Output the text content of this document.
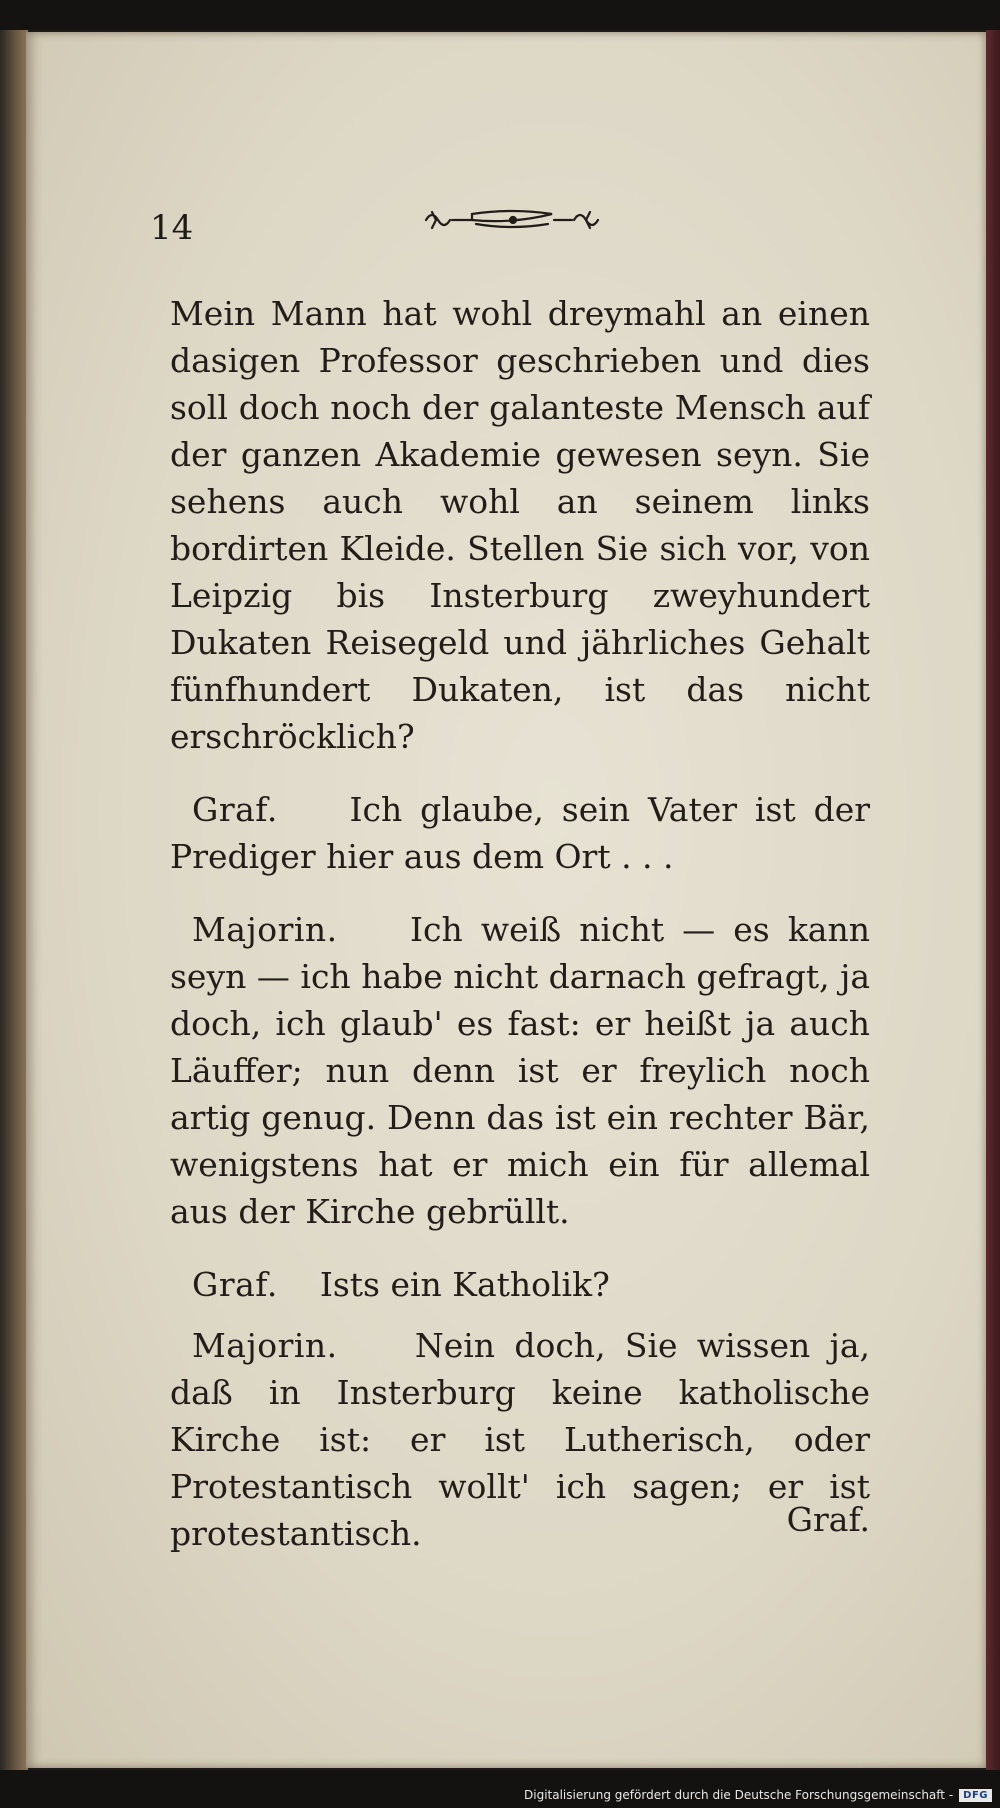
14

Mein Mann hat wohl dreymahl an einen dasigen Professor geschrieben und dies soll doch noch der galanteste Mensch auf der ganzen Akademie gewesen seyn. Sie sehens auch wohl an seinem links bordirten Kleide. Stellen Sie sich vor, von Leipzig bis Insterburg zweyhundert Dukaten Reisegeld und jährliches Gehalt fünfhundert Dukaten, ist das nicht erschröcklich?

Graf. Ich glaube, sein Vater ist der Prediger hier aus dem Ort . . .

Majorin. Ich weiß nicht — es kann seyn — ich habe nicht darnach gefragt, ja doch, ich glaub' es fast: er heißt ja auch Läuffer; nun denn ist er freylich noch artig genug. Denn das ist ein rechter Bär, wenigstens hat er mich ein für allemal aus der Kirche gebrüllt.

Graf. Ists ein Katholik?

Majorin. Nein doch, Sie wissen ja, daß in Insterburg keine katholische Kirche ist: er ist Lutherisch, oder Protestantisch wollt' ich sagen; er ist protestantisch.	Graf.
Digitalisierung gefördert durch die Deutsche Forschungsgemeinschaft -	DFG
